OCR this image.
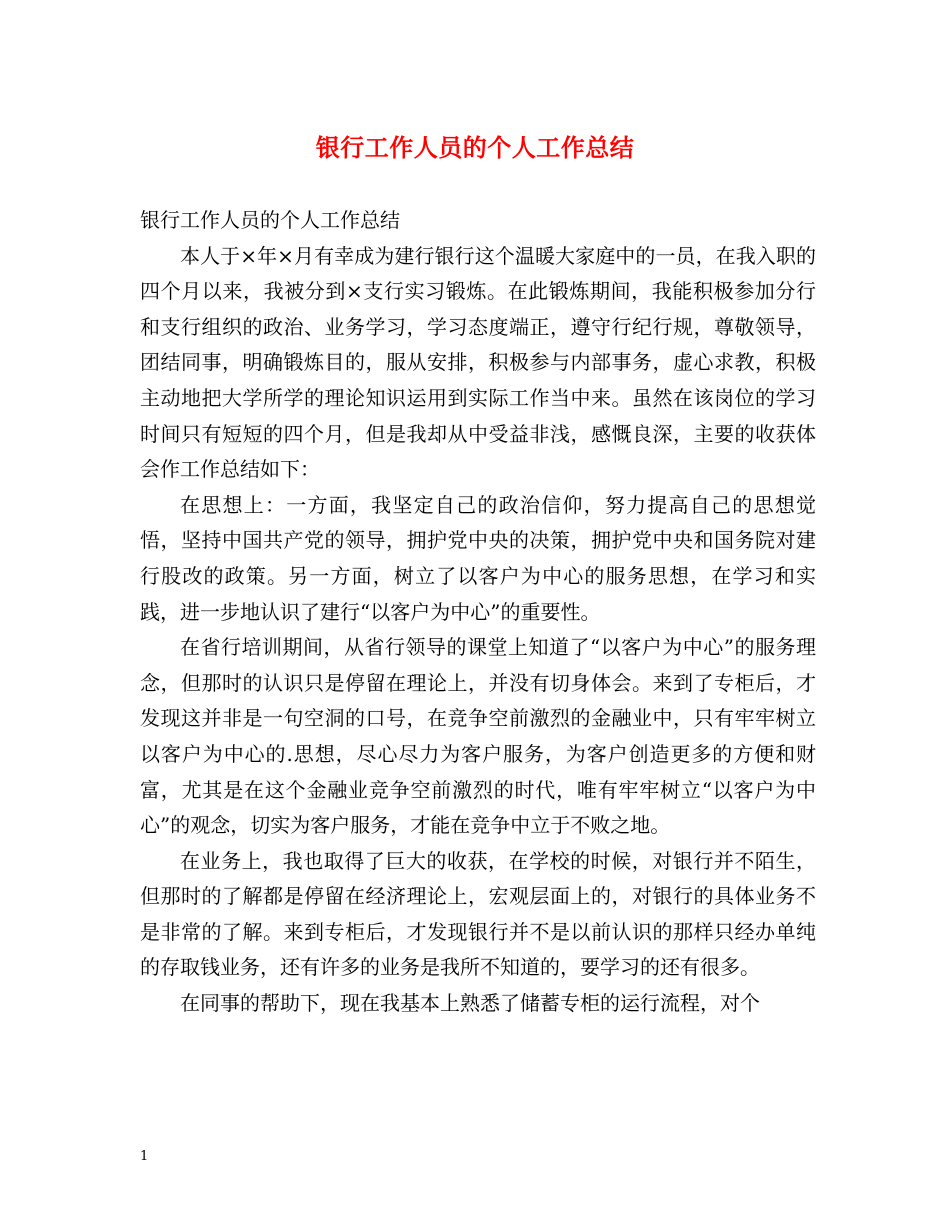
银行工作人员的个人工作总结

银行工作人员的个人工作总结

本人于×年×月有幸成为建行银行这个温暖大家庭中的一员，在我入职的四个月以来，我被分到×支行实习锻炼。在此锻炼期间，我能积极参加分行和支行组织的政治、业务学习，学习态度端正，遵守行纪行规，尊敬领导，团结同事，明确锻炼目的，服从安排，积极参与内部事务，虚心求教，积极主动地把大学所学的理论知识运用到实际工作当中来。虽然在该岗位的学习时间只有短短的四个月，但是我却从中受益非浅，感慨良深，主要的收获体会作工作总结如下：

在思想上：一方面，我坚定自己的政治信仰，努力提高自己的思想觉悟，坚持中国共产党的领导，拥护党中央的决策，拥护党中央和国务院对建行股改的政策。另一方面，树立了以客户为中心的服务思想，在学习和实践，进一步地认识了建行“以客户为中心”的重要性。

在省行培训期间，从省行领导的课堂上知道了“以客户为中心”的服务理念，但那时的认识只是停留在理论上，并没有切身体会。来到了专柜后，才发现这并非是一句空洞的口号，在竞争空前激烈的金融业中，只有牢牢树立以客户为中心的.思想，尽心尽力为客户服务，为客户创造更多的方便和财富，尤其是在这个金融业竞争空前激烈的时代，唯有牢牢树立“以客户为中心”的观念，切实为客户服务，才能在竞争中立于不败之地。

在业务上，我也取得了巨大的收获，在学校的时候，对银行并不陌生，但那时的了解都是停留在经济理论上，宏观层面上的，对银行的具体业务不是非常的了解。来到专柜后，才发现银行并不是以前认识的那样只经办单纯的存取钱业务，还有许多的业务是我所不知道的，要学习的还有很多。

在同事的帮助下，现在我基本上熟悉了储蓄专柜的运行流程，对个

1
